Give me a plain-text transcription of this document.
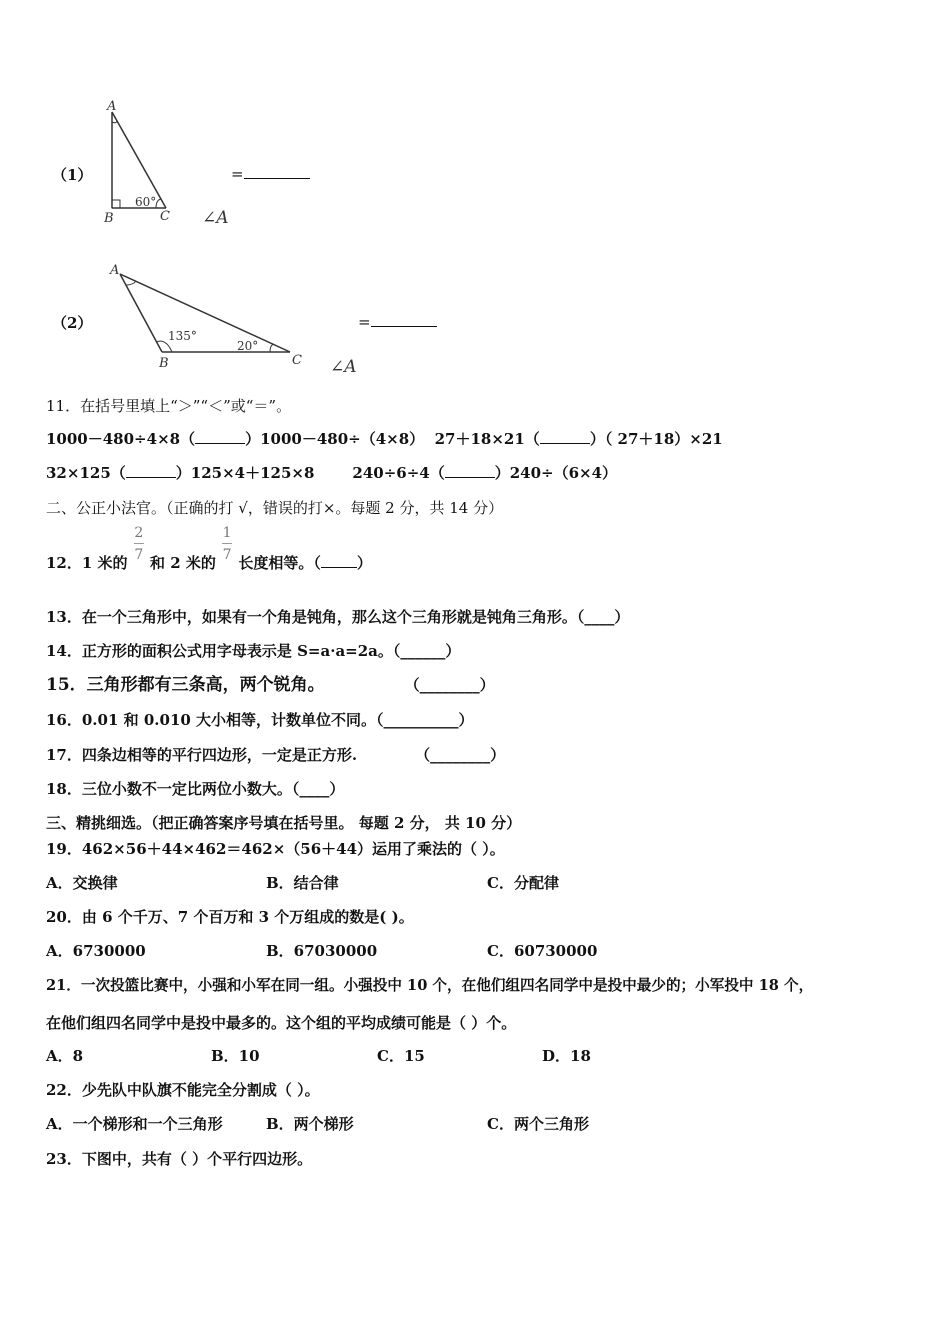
（1）
A
B	C
60°
=
∠A
（2）
A
B	C
135°
20°
=
∠A
11．在括号里填上“＞”“＜”或“＝”。
1000－480÷4×8（	）1000－480÷（4×8） 27＋18×21（	）（ 27＋18）×21
32×125（	）125×4＋125×8	240÷6÷4（	）240÷（6×4）
二、公正小法官。（正确的打 √，错误的打×。每题 2 分，共 14 分）
12．1 米的 $\frac{2}{7}$ 和 2 米的 $\frac{1}{7}$ 长度相等。（ ）
13．在一个三角形中，如果有一个角是钝角，那么这个三角形就是钝角三角形。（____）
14．正方形的面积公式用字母表示是 S=a·a=2a。（______）
15．三角形都有三条高，两个锐角。	（________）
16．0.01 和 0.010 大小相等，计数单位不同。（__________）
17．四条边相等的平行四边形，一定是正方形.	（________）
18．三位小数不一定比两位小数大。（____）
三、精挑细选。（把正确答案序号填在括号里。 每题 2 分， 共 10 分）
19．462×56＋44×462＝462×（56＋44）运用了乘法的（ ）。
A．交换律	B．结合律	C．分配律
20．由 6 个千万、7 个百万和 3 个万组成的数是( )。
A．6730000	B．67030000	C．60730000
21．一次投篮比赛中，小强和小军在同一组。小强投中 10 个，在他们组四名同学中是投中最少的；小军投中 18 个，
在他们组四名同学中是投中最多的。这个组的平均成绩可能是（ ）个。
A．8	B．10	C．15	D．18
22．少先队中队旗不能完全分割成（ ）。
A．一个梯形和一个三角形	B．两个梯形	C．两个三角形
23．下图中，共有（ ）个平行四边形。
